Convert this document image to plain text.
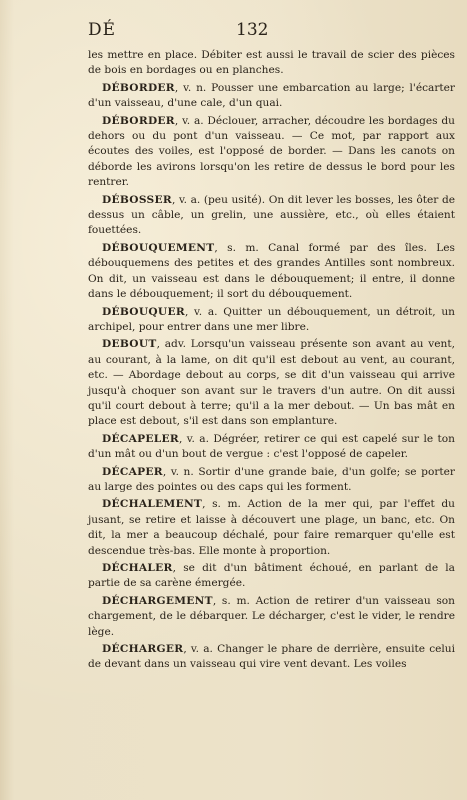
DÉ	132

les mettre en place. Débiter est aussi le travail de scier des pièces de bois en bordages ou en planches.

DÉBORDER, v. n. Pousser une embarcation au large; l'écarter d'un vaisseau, d'une cale, d'un quai.

DÉBORDER, v. a. Déclouer, arracher, découdre les bordages du dehors ou du pont d'un vaisseau. — Ce mot, par rapport aux écoutes des voiles, est l'opposé de border. — Dans les canots on déborde les avirons lorsqu'on les retire de dessus le bord pour les rentrer.

DÉBOSSER, v. a. (peu usité). On dit lever les bosses, les ôter de dessus un câble, un grelin, une aussière, etc., où elles étaient fouettées.

DÉBOUQUEMENT, s. m. Canal formé par des îles. Les débouquemens des petites et des grandes Antilles sont nombreux. On dit, un vaisseau est dans le débouquement; il entre, il donne dans le débouquement; il sort du débouquement.

DÉBOUQUER, v. a. Quitter un débouquement, un détroit, un archipel, pour entrer dans une mer libre.

DEBOUT, adv. Lorsqu'un vaisseau présente son avant au vent, au courant, à la lame, on dit qu'il est debout au vent, au courant, etc. — Abordage debout au corps, se dit d'un vaisseau qui arrive jusqu'à choquer son avant sur le travers d'un autre. On dit aussi qu'il court debout à terre; qu'il a la mer debout. — Un bas mât en place est debout, s'il est dans son emplanture.

DÉCAPELER, v. a. Dégréer, retirer ce qui est capelé sur le ton d'un mât ou d'un bout de vergue : c'est l'opposé de capeler.

DÉCAPER, v. n. Sortir d'une grande baie, d'un golfe; se porter au large des pointes ou des caps qui les forment.

DÉCHALEMENT, s. m. Action de la mer qui, par l'effet du jusant, se retire et laisse à découvert une plage, un banc, etc. On dit, la mer a beaucoup déchalé, pour faire remarquer qu'elle est descendue très-bas. Elle monte à proportion.

DÉCHALER, se dit d'un bâtiment échoué, en parlant de la partie de sa carène émergée.

DÉCHARGEMENT, s. m. Action de retirer d'un vaisseau son chargement, de le débarquer. Le décharger, c'est le vider, le rendre lège.

DÉCHARGER, v. a. Changer le phare de derrière, ensuite celui de devant dans un vaisseau qui vire vent devant. Les voiles
